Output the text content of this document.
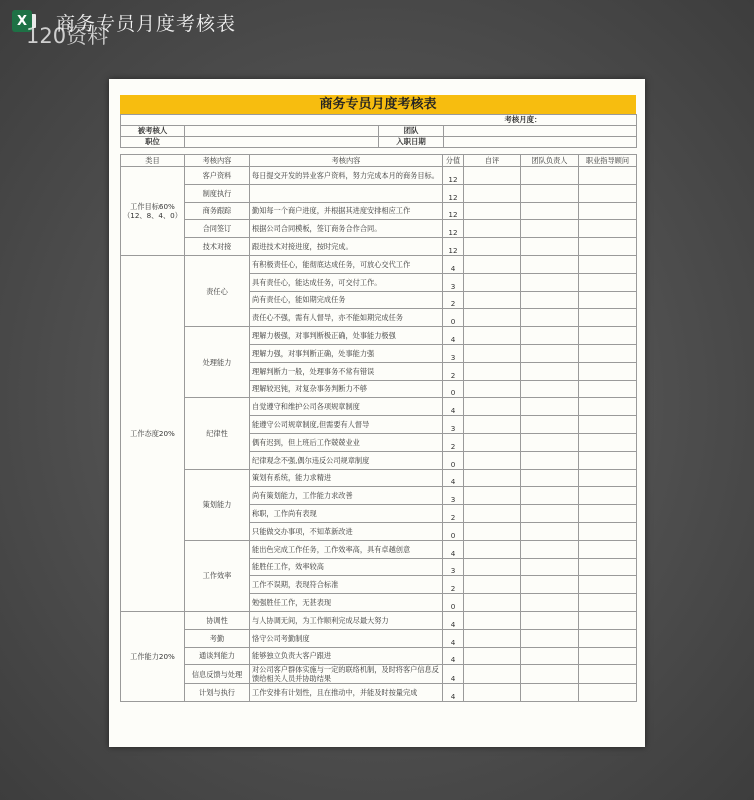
X 商务专员月度考核表
120资料
商务专员月度考核表
考核月度：			
被考核人		团队	
职位		入职日期	
类目	考核内容	考核内容	分值	自评	团队负责人	职业指导顾问

工作目标60%
（12、8、4、0）	客户资料	每日提交开发的异业客户资料，努力完成本月的商务目标。	12			
	制度执行		12			
	商务跟踪	勤知每一个商户进度，并根据其进度安排相应工作	12			
	合同签订	根据公司合同模板，签订商务合作合同。	12			
	技术对接	跟进技术对接进度，按时完成。	12			

工作态度20%	责任心	有积极责任心，能彻底达成任务，可放心交代工作	4			
		具有责任心，能达成任务，可交付工作。	3			
		尚有责任心，能如期完成任务	2			
		责任心不强，需有人督导，亦不能如期完成任务	0			
	处理能力	理解力极强，对事判断极正确，处事能力极强	4			
		理解力强，对事判断正确，处事能力强	3			
		理解判断力一般，处理事务不常有错误	2			
		理解较迟钝，对复杂事务判断力不够	0			
	纪律性	自觉遵守和维护公司各项规章制度	4			
		能遵守公司规章制度,但需要有人督导	3			
		偶有迟到，但上班后工作兢兢业业	2			
		纪律观念不强,偶尔违反公司规章制度	0			
	策划能力	策划有系统，能力求精进	4			
		尚有策划能力，工作能力求改善	3			
		称职，工作尚有表现	2			
		只能做交办事项，不知革新改进	0			
	工作效率	能出色完成工作任务，工作效率高，具有卓越创意	4			
		能胜任工作，效率较高	3			
		工作不误期，表现符合标准	2			
		勉强胜任工作，无甚表现	0			

工作能力20%	协调性	与人协调无间，为工作顺利完成尽最大努力	4			
	考勤	恪守公司考勤制度	4			
	通谈判能力	能够独立负责大客户跟进	4			
	信息反馈与处理	对公司客户群体实施与一定的联络机制，及时将客户信息反馈给相关人员并协助结果	4			
	计划与执行	工作安排有计划性，且在推动中，并能及时按量完成	4			
